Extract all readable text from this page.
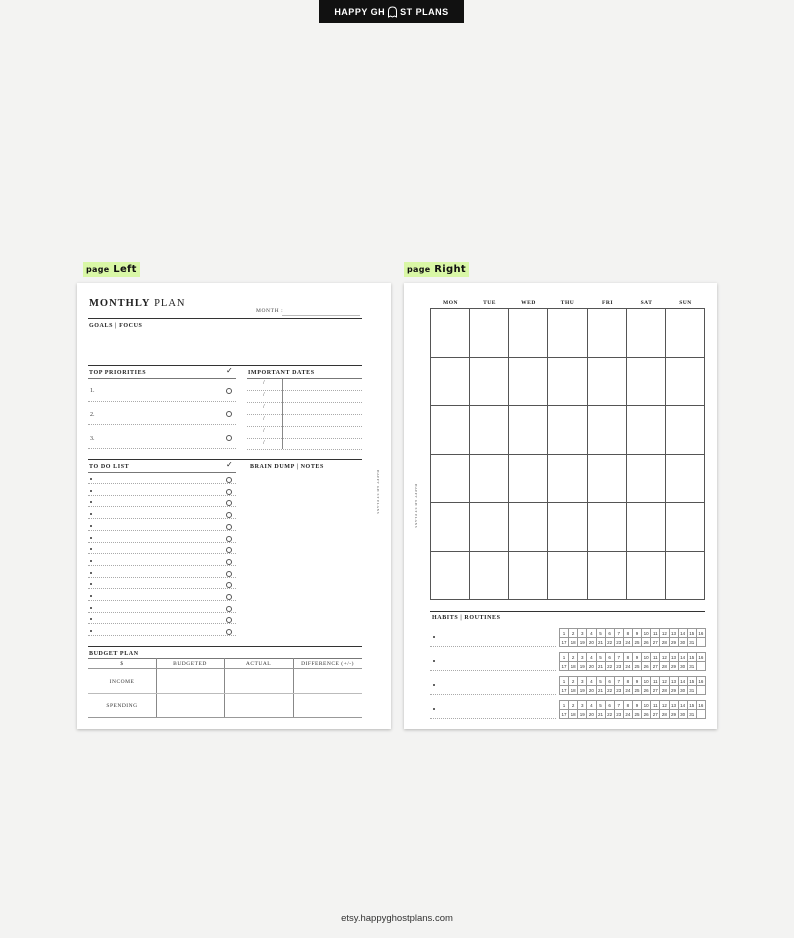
HAPPY GH ST PLANS
page Left	page Right
MONTHLY PLAN
MONTH :
GOALS | FOCUS
TOP PRIORITIES	✓
1.
2.
3.
IMPORTANT DATES
/
/
/
/
/
/
TO DO LIST	✓	BRAIN DUMP | NOTES
HAPPY GH ST PLANS
BUDGET PLAN
$	BUDGETED	ACTUAL	DIFFERENCE (+/-)
INCOME
SPENDING
MON	TUE	WED	THU	FRI	SAT	SUN
HAPPY GH ST PLANS
HABITS | ROUTINES
1	2	3	4	5	6	7	8	9	10 11 12 13 14 15 16
17 18 19 20 21 22 23 24 25 26 27 28 29 30 31
1	2	3	4	5	6	7	8	9	10 11 12 13 14 15 16
17 18 19 20 21 22 23 24 25 26 27 28 29 30 31
1	2	3	4	5	6	7	8	9	10 11 12 13 14 15 16
17 18 19 20 21 22 23 24 25 26 27 28 29 30 31
1	2	3	4	5	6	7	8	9	10 11 12 13 14 15 16
17 18 19 20 21 22 23 24 25 26 27 28 29 30 31
etsy.happyghostplans.com
